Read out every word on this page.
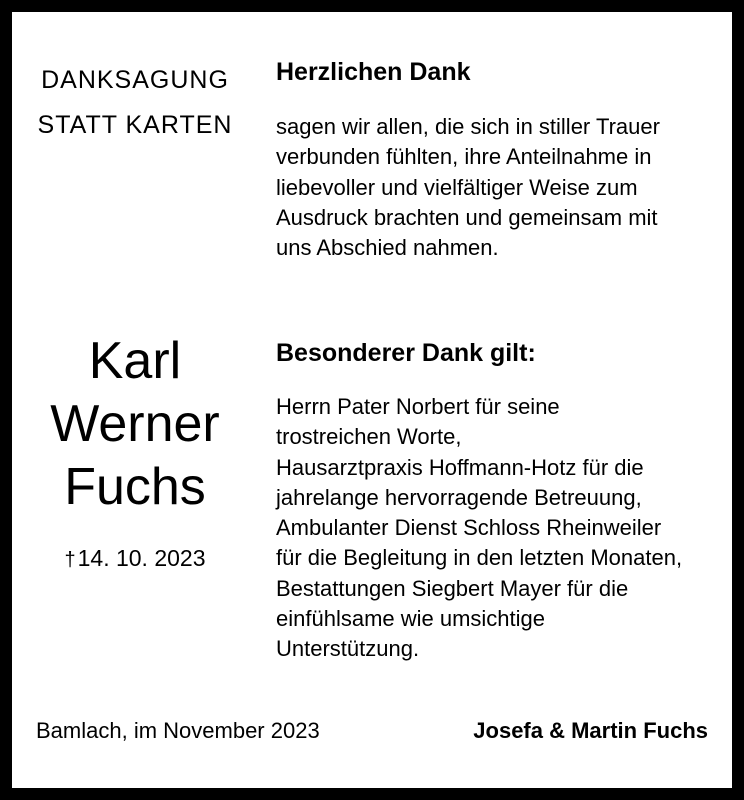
DANKSAGUNG
STATT KARTEN
Herzlichen Dank
sagen wir allen, die sich in stiller Trauer
verbunden fühlten, ihre Anteilnahme in
liebevoller und vielfältiger Weise zum
Ausdruck brachten und gemeinsam mit
uns Abschied nahmen.
Karl
Werner
Fuchs
†14. 10. 2023
Besonderer Dank gilt:
Herrn Pater Norbert für seine
trostreichen Worte,
Hausarztpraxis Hoffmann-Hotz für die
jahrelange hervorragende Betreuung,
Ambulanter Dienst Schloss Rheinweiler
für die Begleitung in den letzten Monaten,
Bestattungen Siegbert Mayer für die
einfühlsame wie umsichtige
Unterstützung.
Bamlach, im November 2023	Josefa & Martin Fuchs
